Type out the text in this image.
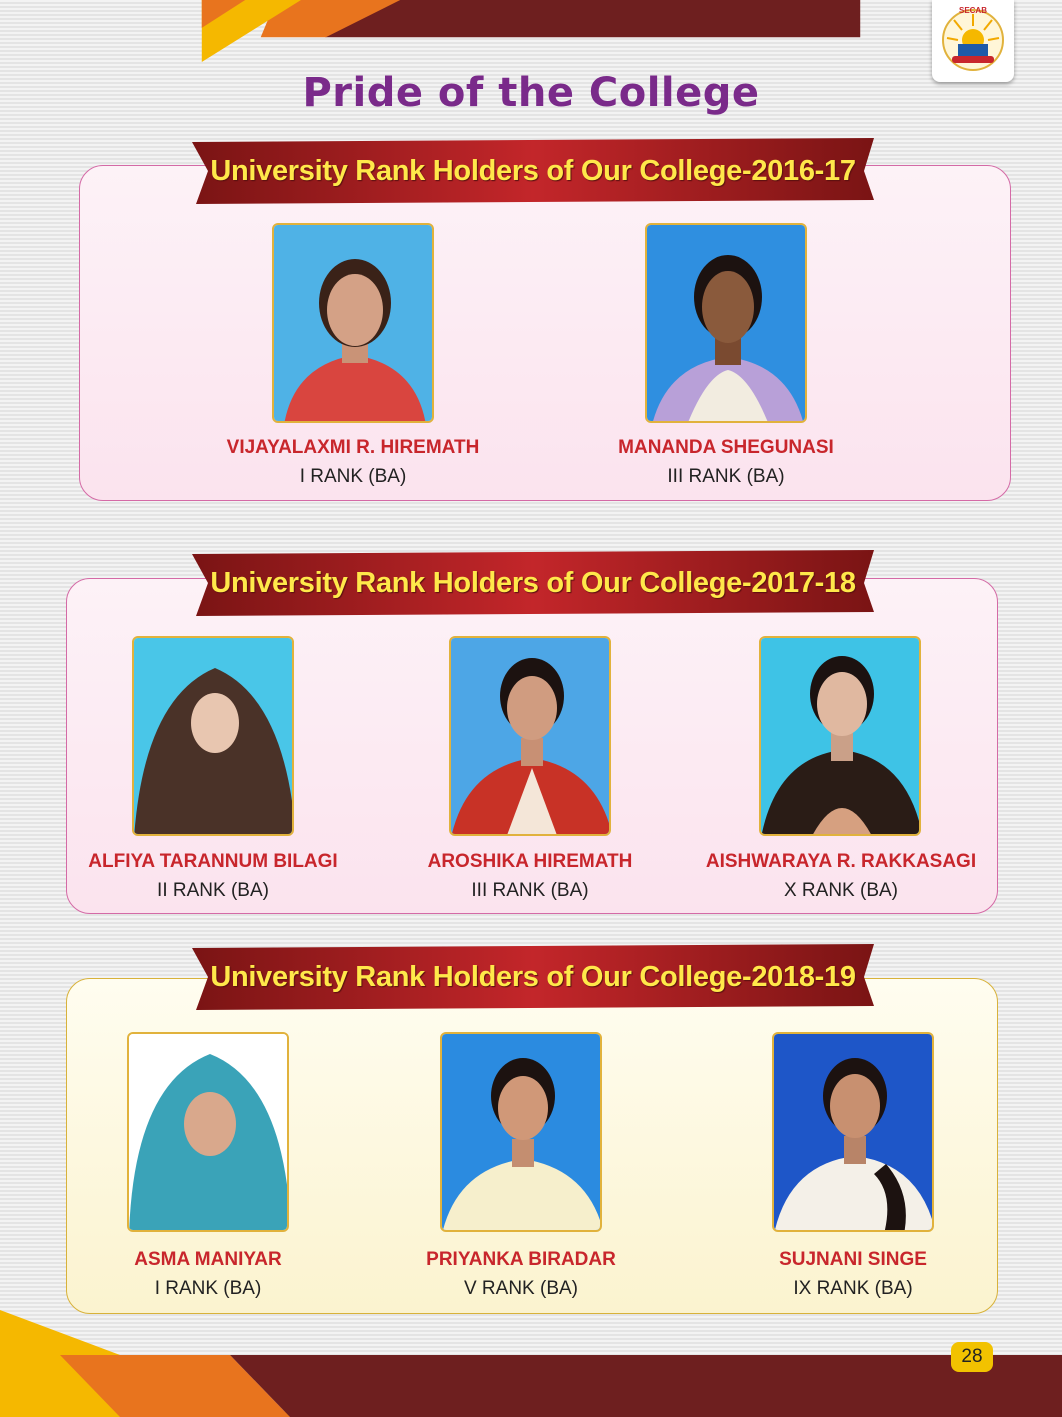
SECAB
Pride of the College
University Rank Holders of Our College-2016-17
VIJAYALAXMI R. HIREMATH
I RANK (BA)
MANANDA SHEGUNASI
III RANK (BA)
University Rank Holders of Our College-2017-18
ALFIYA TARANNUM BILAGI
II RANK (BA)
AROSHIKA HIREMATH
III RANK (BA)
AISHWARAYA R. RAKKASAGI
X RANK (BA)
University Rank Holders of Our College-2018-19
ASMA MANIYAR
I RANK (BA)
PRIYANKA BIRADAR
V RANK (BA)
SUJNANI SINGE
IX RANK (BA)
28
